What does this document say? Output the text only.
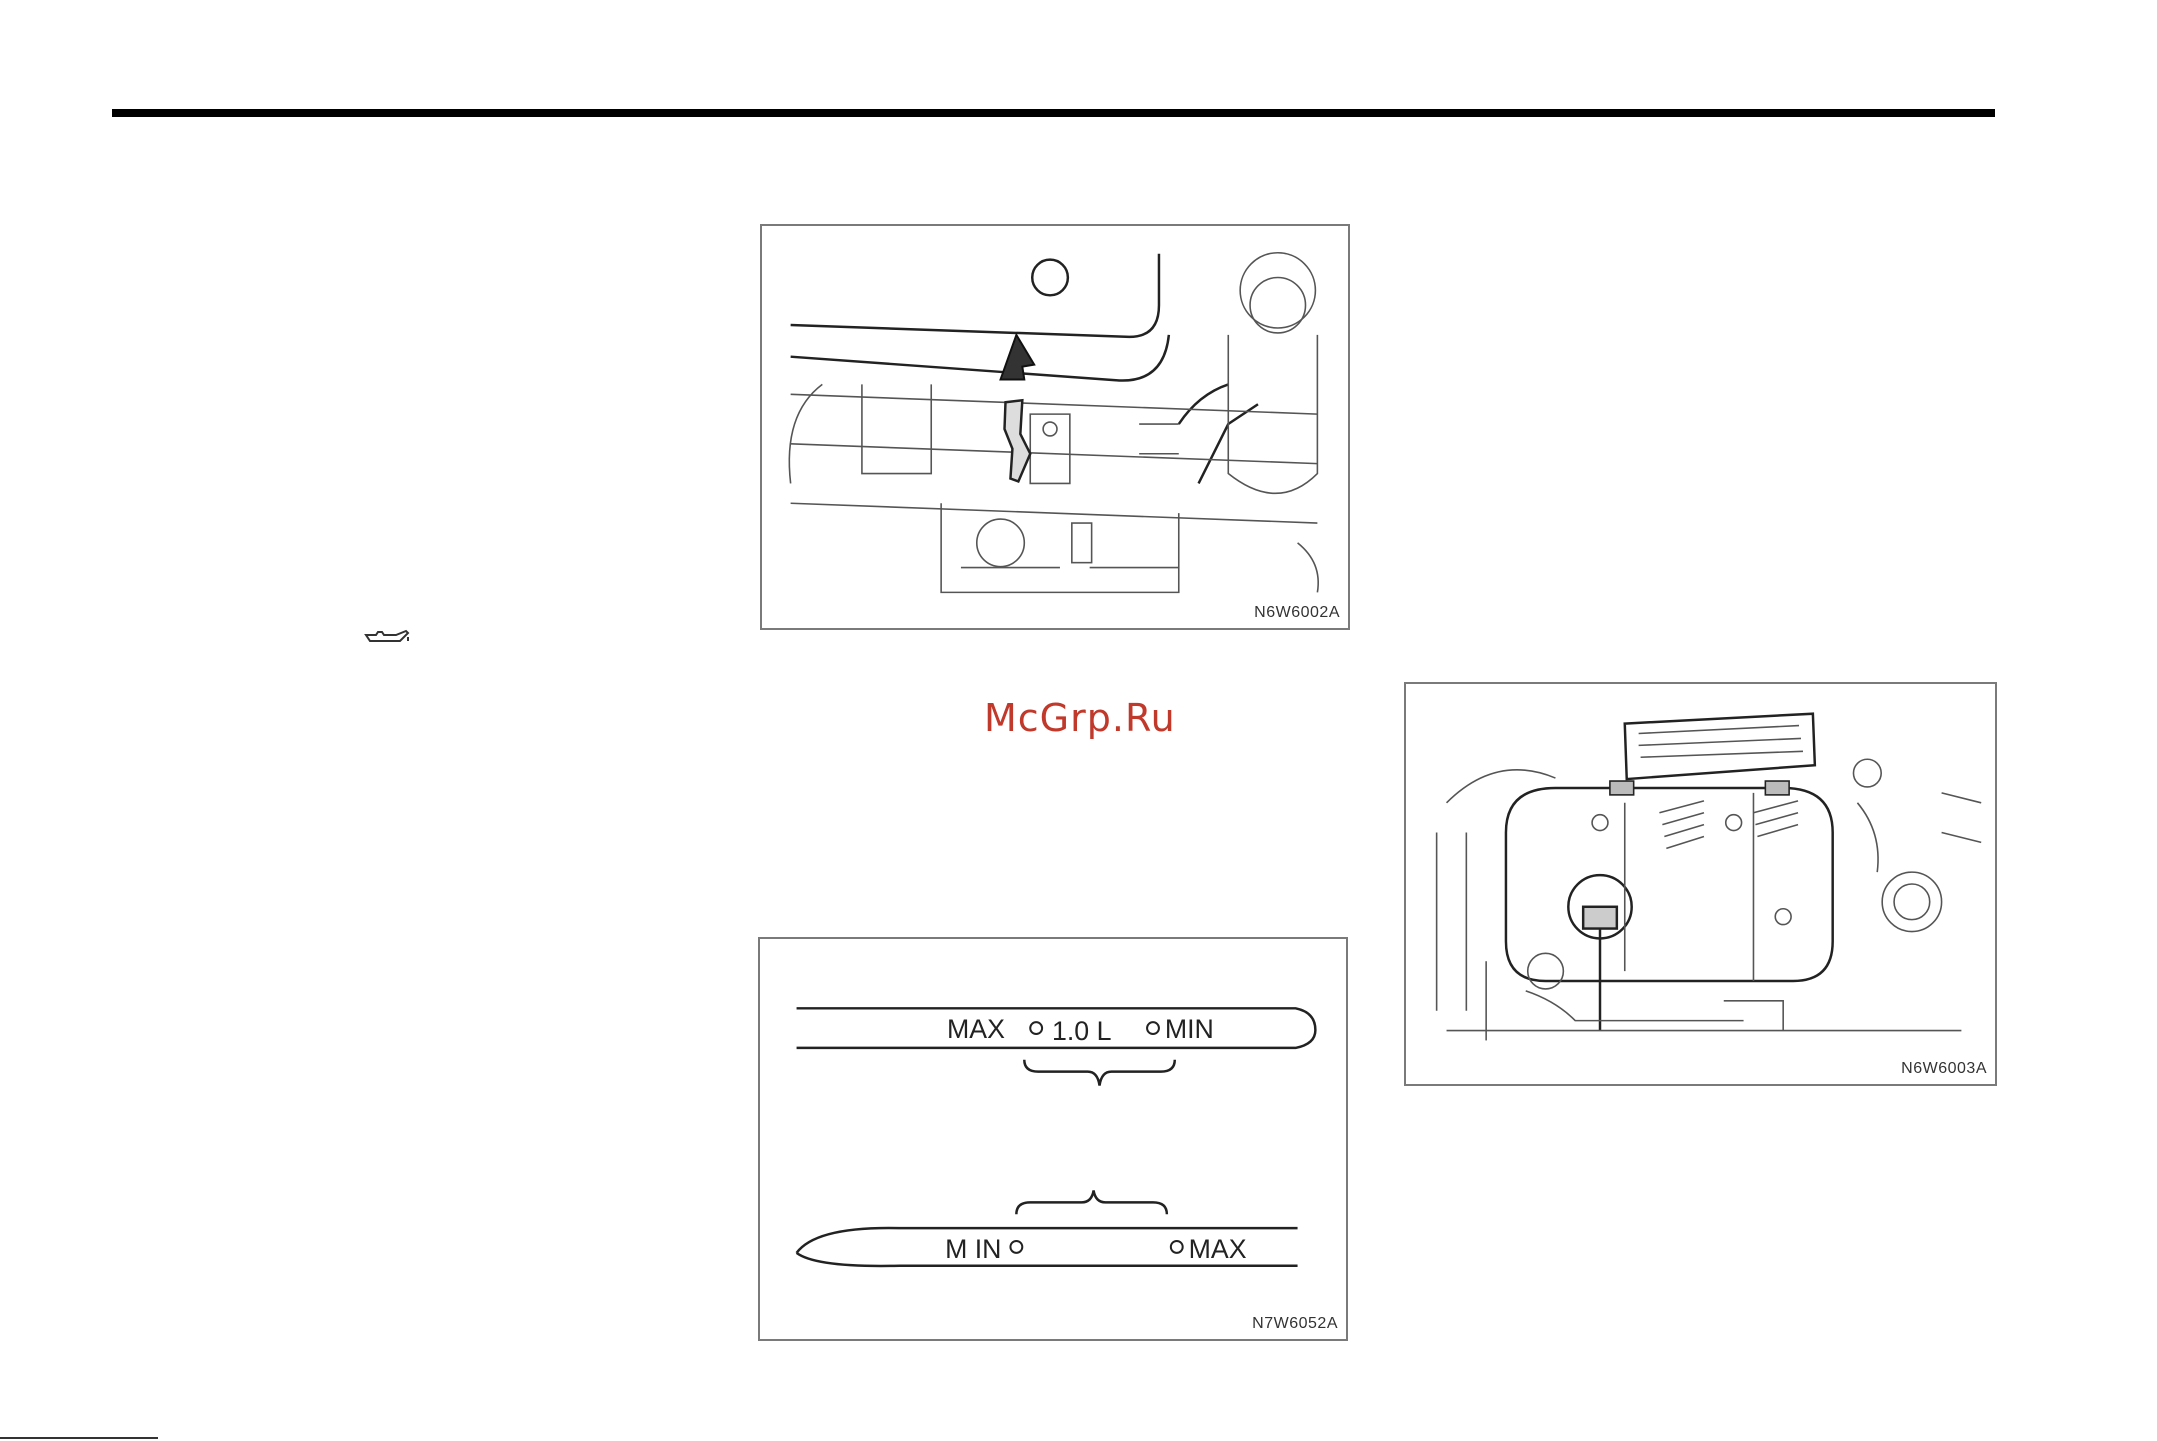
N6W6002A
McGrp.Ru
MAX 1.0 L MIN
M IN	MAX
N7W6052A
N6W6003A
